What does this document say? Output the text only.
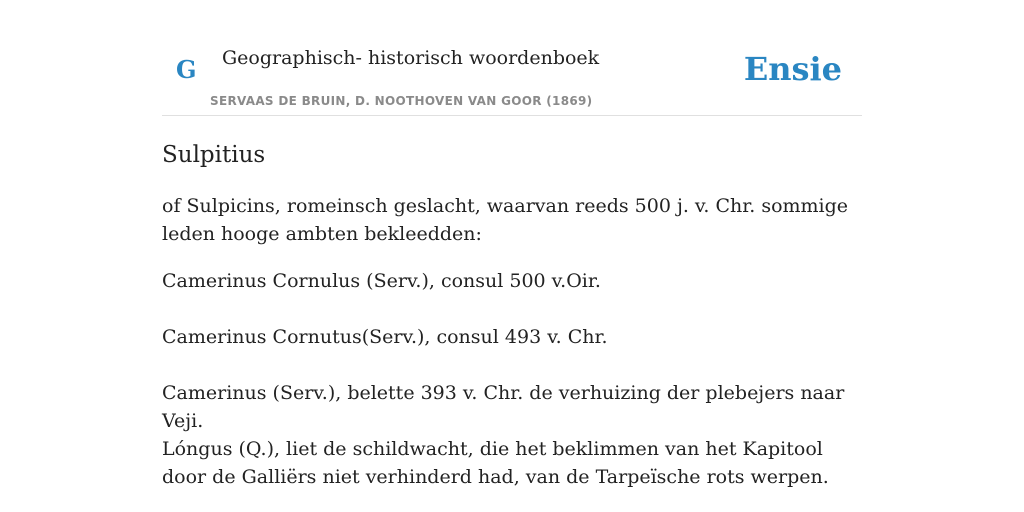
G Geographisch- historisch woordenboek
SERVAAS DE BRUIN, D. NOOTHOVEN VAN GOOR (1869)
Ensie
Sulpitius

of Sulpicins, romeinsch geslacht, waarvan reeds 500 j. v. Chr. sommige leden hooge ambten bekleedden:

Camerinus Cornulus (Serv.), consul 500 v.Oir.

Camerinus Cornutus(Serv.), consul 493 v. Chr.

Camerinus (Serv.), belette 393 v. Chr. de verhuizing der plebejers naar Veji.

Lóngus (Q.), liet de schildwacht, die het beklimmen van het Kapitool door de Galliërs niet verhinderd had, van de Tarpeïsche rots werpen.
